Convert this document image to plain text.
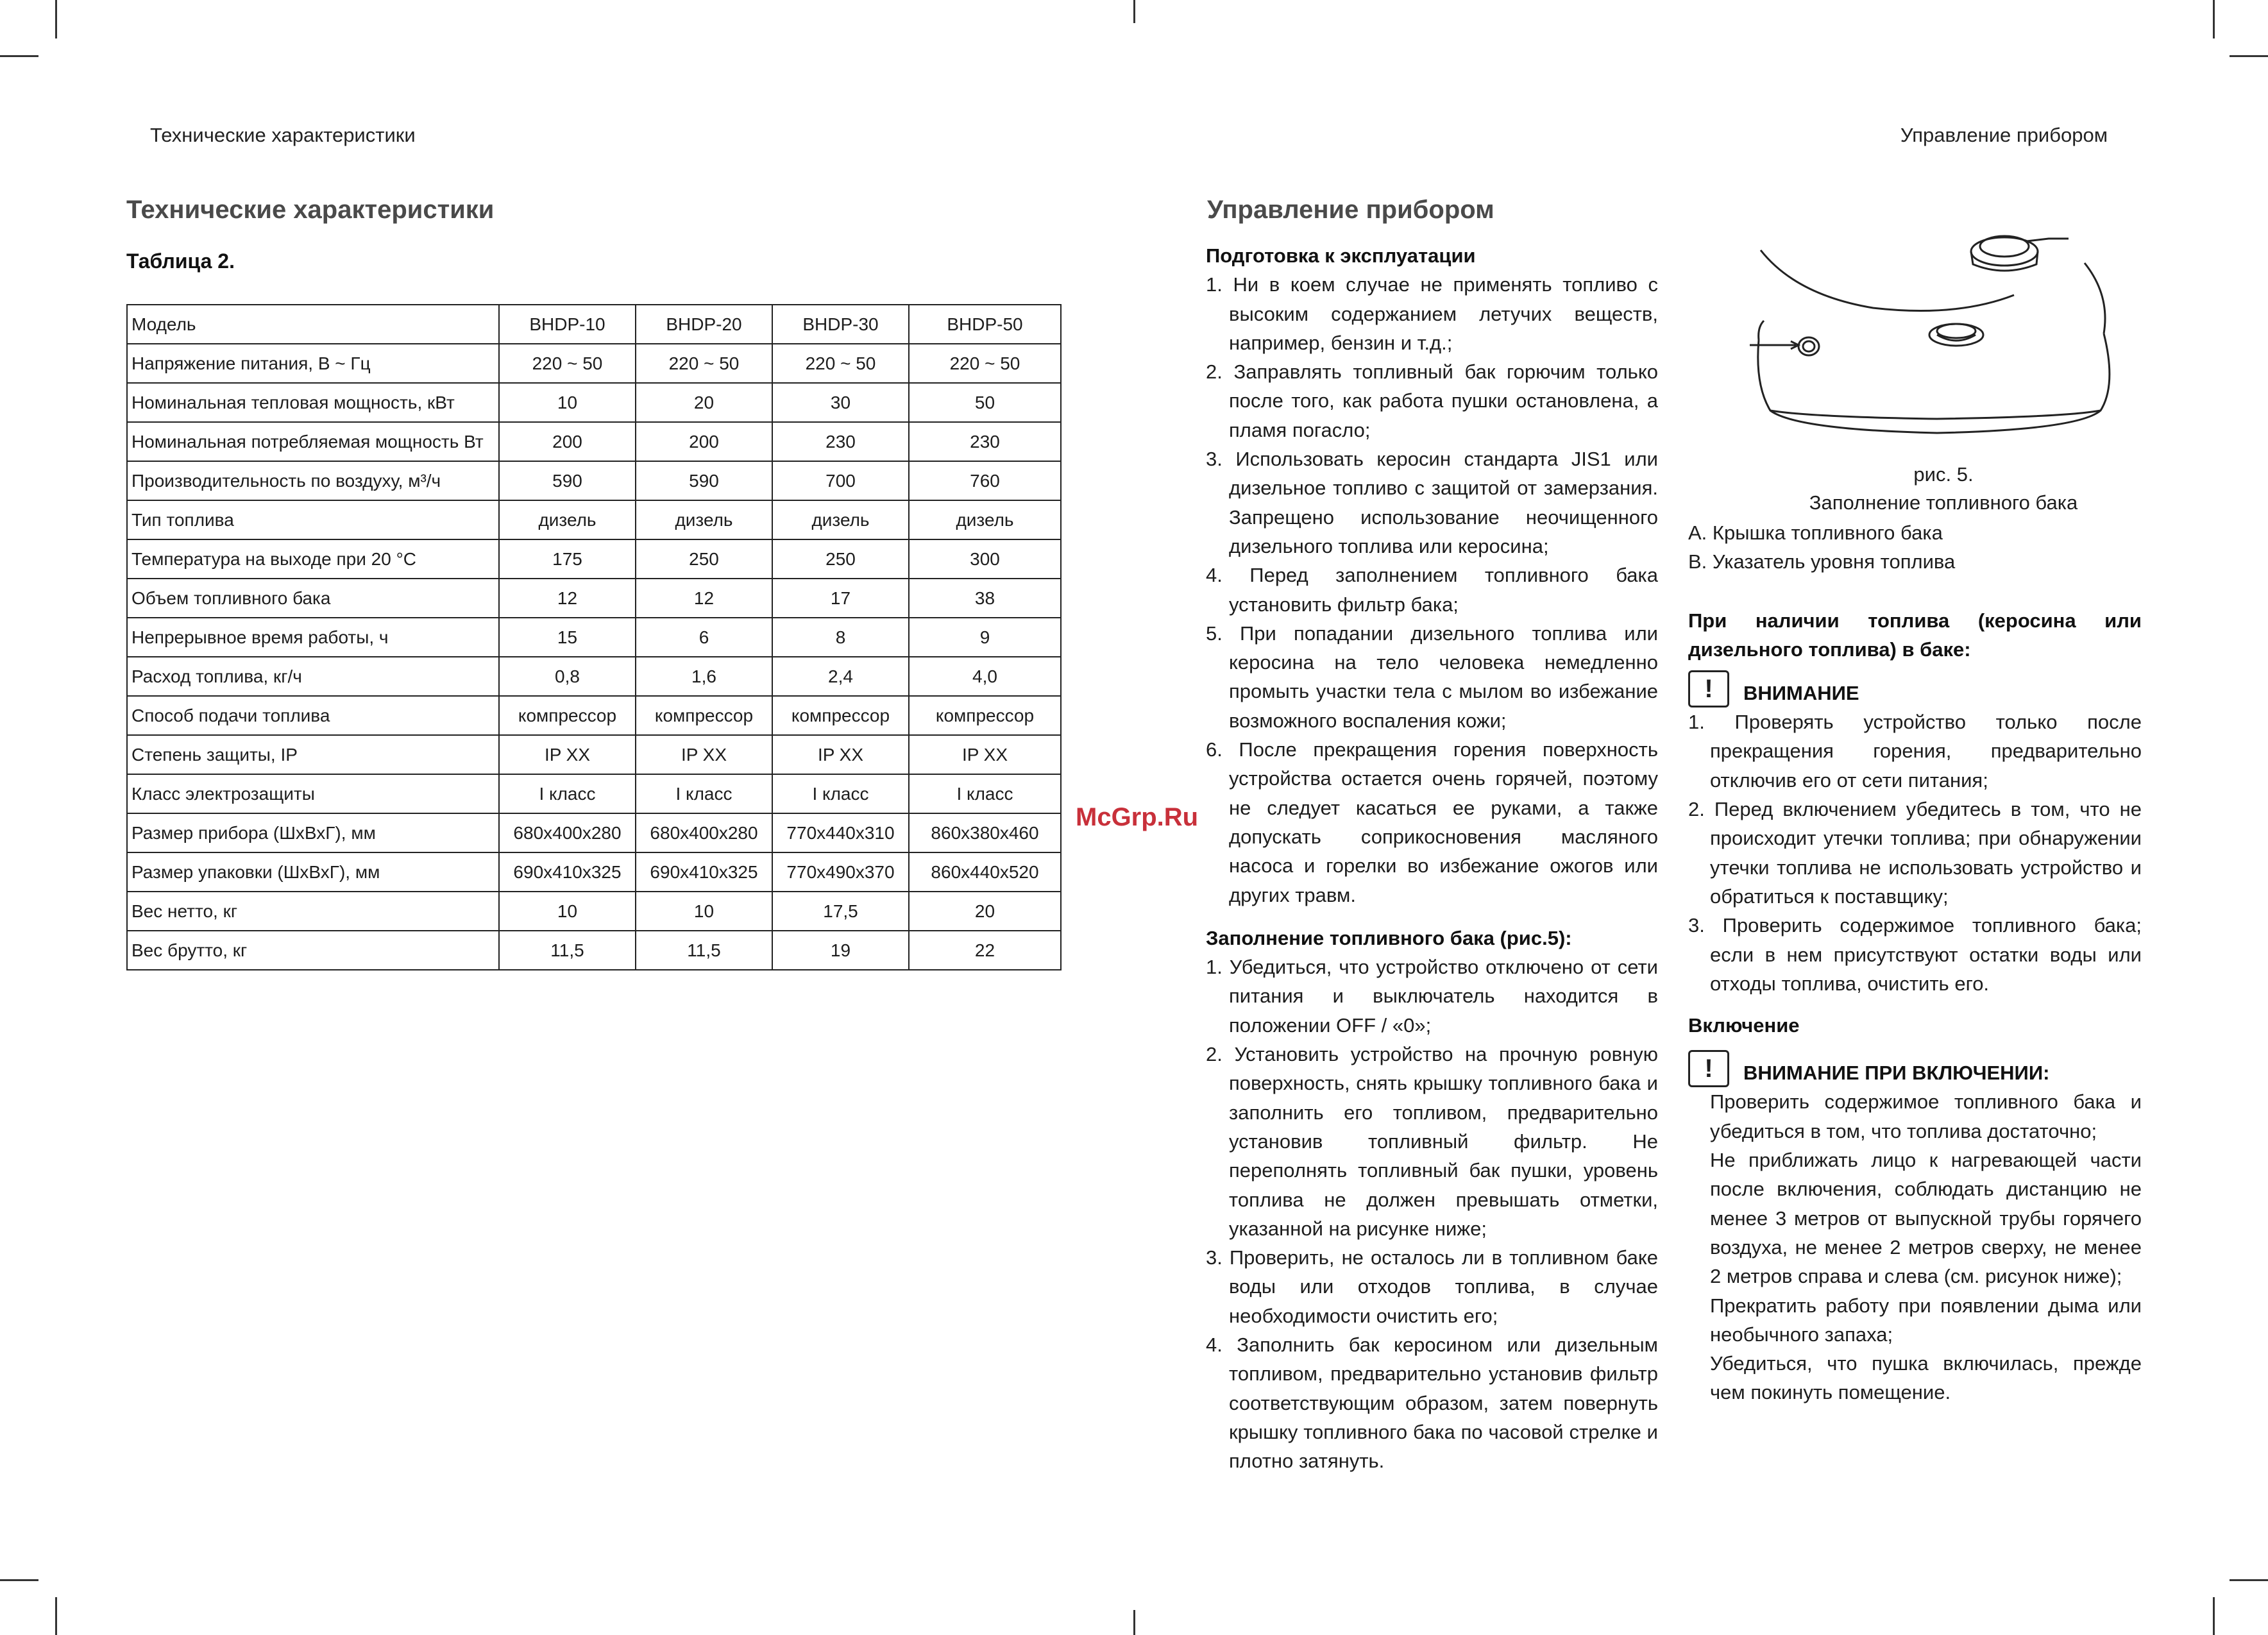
Технические характеристики	Управление прибором
Технические характеристики

Таблица 2.

Модель	BHDP-10	BHDP-20	BHDP-30	BHDP-50
Напряжение питания, В ~ Гц	220 ~ 50	220 ~ 50	220 ~ 50	220 ~ 50
Номинальная тепловая мощность, кВт	10	20	30	50
Номинальная потребляемая мощность Вт	200	200	230	230
Производительность по воздуху, м³/ч	590	590	700	760
Тип топлива	дизель	дизель	дизель	дизель
Температура на выходе при 20 °С	175	250	250	300
Объем топливного бака	12	12	17	38
Непрерывное время работы, ч	15	6	8	9
Расход топлива, кг/ч	0,8	1,6	2,4	4,0
Способ подачи топлива	компрессор	компрессор	компрессор	компрессор
Степень защиты, IP	IP XX	IP XX	IP XX	IP XX
Класс электрозащиты	I класс	I класс	I класс	I класс
Размер прибора (ШхВхГ), мм	680x400x280	680x400x280	770x440x310	860x380x460
Размер упаковки (ШхВхГ), мм	690x410x325	690x410x325	770x490x370	860x440x520
Вес нетто, кг	10	10	17,5	20
Вес брутто, кг	11,5	11,5	19	22
Управление прибором

Подготовка к эксплуатации

1. Ни в коем случае не применять топливо с высоким содержанием летучих веществ, например, бензин и т.д.;

2. Заправлять топливный бак горючим только после того, как работа пушки остановлена, а пламя погасло;

3. Использовать керосин стандарта JIS1 или дизельное топливо с защитой от замерзания. Запрещено использование неочищенного дизельного топлива или керосина;

4. Перед заполнением топливного бака установить фильтр бака;

5. При попадании дизельного топлива или керосина на тело человека немедленно промыть участки тела с мылом во избежание возможного воспаления кожи;

6. После прекращения горения поверхность устройства остается очень горячей, поэтому не следует касаться ее руками, а также допускать соприкосновения масляного насоса и горелки во избежание ожогов или других травм.

Заполнение топливного бака (рис.5):

1. Убедиться, что устройство отключено от сети питания и выключатель находится в положении OFF / «0»;

2. Установить устройство на прочную ровную поверхность, снять крышку топливного бака и заполнить его топливом, предварительно установив топливный фильтр. Не переполнять топливный бак пушки, уровень топлива не должен превышать отметки, указанной на рисунке ниже;

3. Проверить, не осталось ли в топливном баке воды или отходов топлива, в случае необходимости очистить его;

4. Заполнить бак керосином или дизельным топливом, предварительно установив фильтр соответствующим образом, затем повернуть крышку топливного бака по часовой стрелке и плотно затянуть.

рис. 5.
Заполнение топливного бака

A. Крышка топливного бака

B. Указатель уровня топлива

При наличии топлива (керосина или дизельного топлива) в баке:

!	ВНИМАНИЕ

1. Проверять устройство только после прекращения горения, предварительно отключив его от сети питания;

2. Перед включением убедитесь в том, что не происходит утечки топлива; при обнаружении утечки топлива не использовать устройство и обратиться к поставщику;

3. Проверить содержимое топливного бака; если в нем присутствуют остатки воды или отходы топлива, очистить его.

Включение

!	ВНИМАНИЕ ПРИ ВКЛЮЧЕНИИ:

Проверить содержимое топливного бака и убедиться в том, что топлива достаточно;

Не приближать лицо к нагревающей части после включения, соблюдать дистанцию не менее 3 метров от выпускной трубы горячего воздуха, не менее 2 метров сверху, не менее 2 метров справа и слева (см. рисунок ниже);

Прекратить работу при появлении дыма или необычного запаха;

Убедиться, что пушка включилась, прежде чем покинуть помещение.

McGrp.Ru
